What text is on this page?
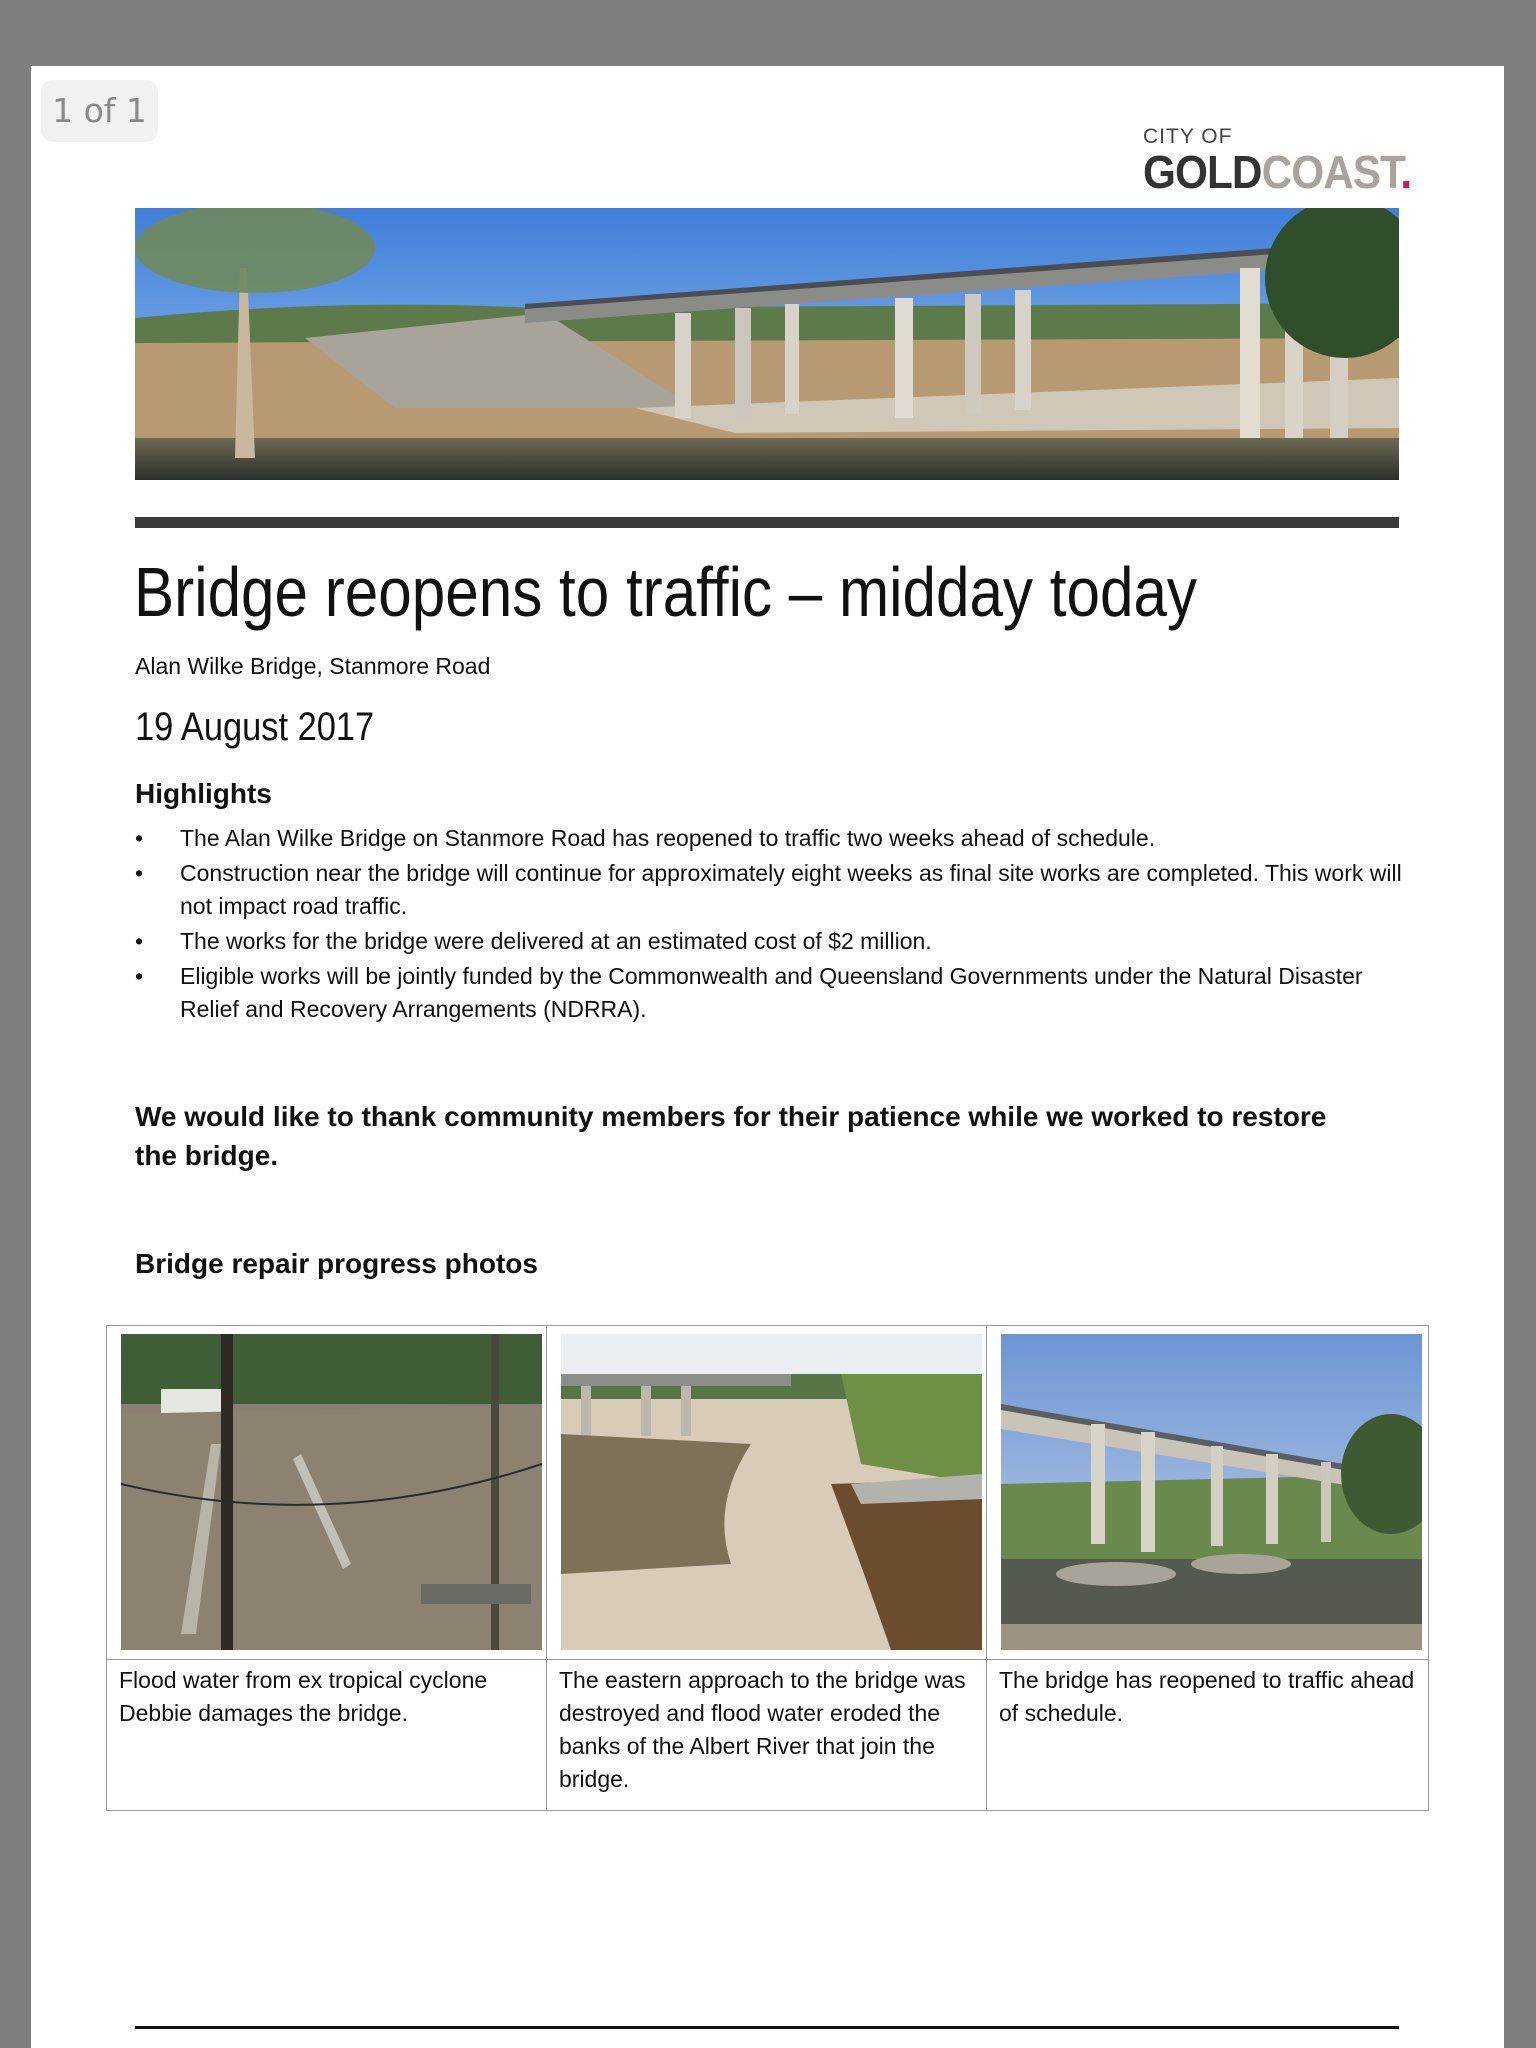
1 of 1
CITY OF
GOLDCOAST.
Bridge reopens to traffic – midday today
Alan Wilke Bridge, Stanmore Road
19 August 2017
Highlights
• The Alan Wilke Bridge on Stanmore Road has reopened to traffic two weeks ahead of schedule.
• Construction near the bridge will continue for approximately eight weeks as final site works are completed. This work will not impact road traffic.
• The works for the bridge were delivered at an estimated cost of $2 million.
• Eligible works will be jointly funded by the Commonwealth and Queensland Governments under the Natural Disaster Relief and Recovery Arrangements (NDRRA).
We would like to thank community members for their patience while we worked to restore the bridge.
Bridge repair progress photos
Flood water from ex tropical cyclone Debbie damages the bridge.
The eastern approach to the bridge was destroyed and flood water eroded the banks of the Albert River that join the bridge.
The bridge has reopened to traffic ahead of schedule.
